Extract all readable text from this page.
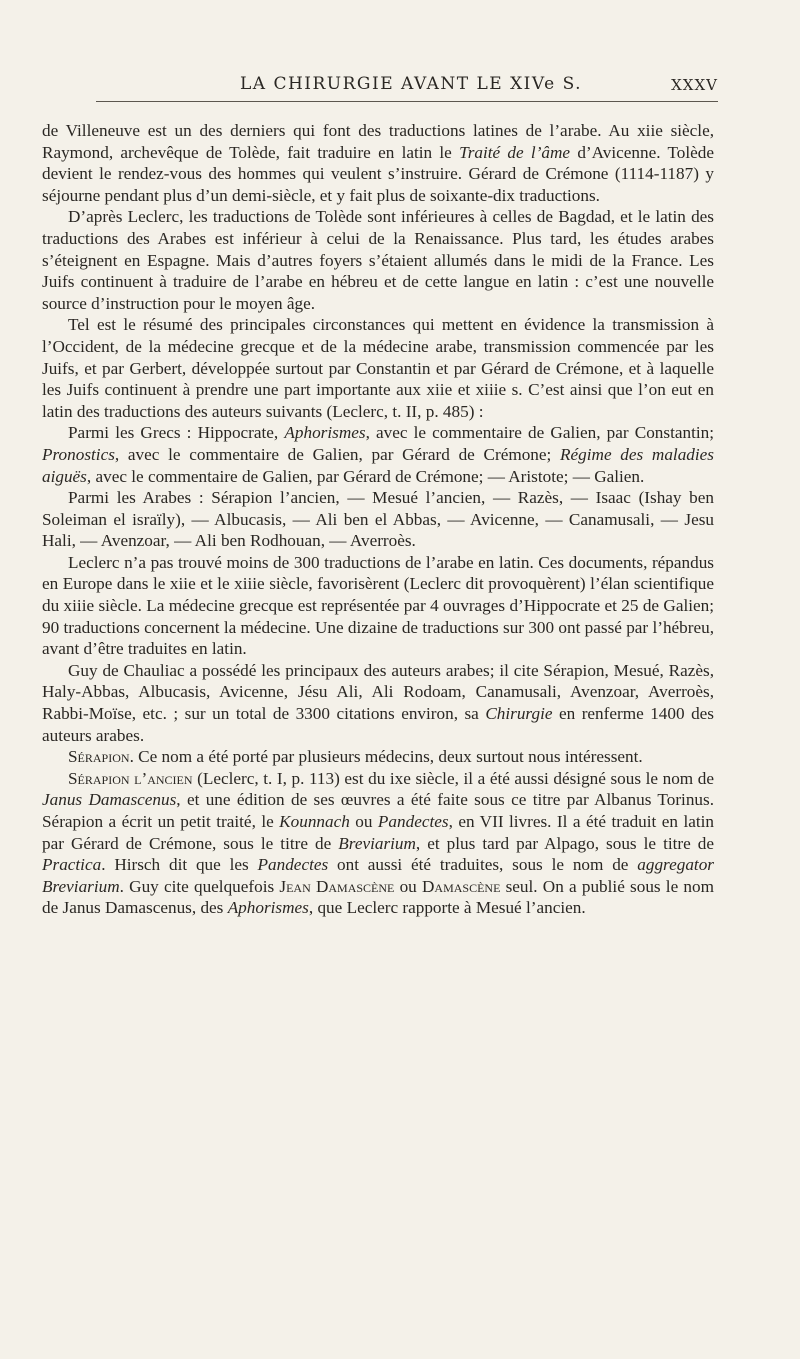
LA CHIRURGIE AVANT LE XIVe S.	XXXV

de Villeneuve est un des derniers qui font des traductions latines de l’arabe. Au xiie siècle, Raymond, archevêque de Tolède, fait traduire en latin le Traité de l’âme d’Avicenne. Tolède devient le rendez-vous des hommes qui veulent s’instruire. Gérard de Crémone (1114-1187) y séjourne pendant plus d’un demi-siècle, et y fait plus de soixante-dix traductions.

D’après Leclerc, les traductions de Tolède sont inférieures à celles de Bagdad, et le latin des traductions des Arabes est inférieur à celui de la Renaissance. Plus tard, les études arabes s’éteignent en Espagne. Mais d’autres foyers s’étaient allumés dans le midi de la France. Les Juifs continuent à traduire de l’arabe en hébreu et de cette langue en latin : c’est une nouvelle source d’instruction pour le moyen âge.

Tel est le résumé des principales circonstances qui mettent en évidence la transmission à l’Occident, de la médecine grecque et de la médecine arabe, transmission commencée par les Juifs, et par Gerbert, développée surtout par Constantin et par Gérard de Crémone, et à laquelle les Juifs continuent à prendre une part importante aux xiie et xiiie s. C’est ainsi que l’on eut en latin des traductions des auteurs suivants (Leclerc, t. II, p. 485) :

Parmi les Grecs : Hippocrate, Aphorismes, avec le commentaire de Galien, par Constantin; Pronostics, avec le commentaire de Galien, par Gérard de Crémone; Régime des maladies aiguës, avec le commentaire de Galien, par Gérard de Crémone; — Aristote; — Galien.

Parmi les Arabes : Sérapion l’ancien, — Mesué l’ancien, — Razès, — Isaac (Ishay ben Soleiman el israïly), — Albucasis, — Ali ben el Abbas, — Avicenne, — Canamusali, — Jesu Hali, — Avenzoar, — Ali ben Rodhouan, — Averroès.

Leclerc n’a pas trouvé moins de 300 traductions de l’arabe en latin. Ces documents, répandus en Europe dans le xiie et le xiiie siècle, favorisèrent (Leclerc dit provoquèrent) l’élan scientifique du xiiie siècle. La médecine grecque est représentée par 4 ouvrages d’Hippocrate et 25 de Galien; 90 traductions concernent la médecine. Une dizaine de traductions sur 300 ont passé par l’hébreu, avant d’être traduites en latin.

Guy de Chauliac a possédé les principaux des auteurs arabes; il cite Sérapion, Mesué, Razès, Haly-Abbas, Albucasis, Avicenne, Jésu Ali, Ali Rodoam, Canamusali, Avenzoar, Averroès, Rabbi-Moïse, etc. ; sur un total de 3300 citations environ, sa Chirurgie en renferme 1400 des auteurs arabes.

Sérapion. Ce nom a été porté par plusieurs médecins, deux surtout nous intéressent.

Sérapion l’ancien (Leclerc, t. I, p. 113) est du ixe siècle, il a été aussi désigné sous le nom de Janus Damascenus, et une édition de ses œuvres a été faite sous ce titre par Albanus Torinus. Sérapion a écrit un petit traité, le Kounnach ou Pandectes, en VII livres. Il a été traduit en latin par Gérard de Crémone, sous le titre de Breviarium, et plus tard par Alpago, sous le titre de Practica. Hirsch dit que les Pandectes ont aussi été traduites, sous le nom de aggregator Breviarium. Guy cite quelquefois Jean Damascène ou Damascène seul. On a publié sous le nom de Janus Damascenus, des Aphorismes, que Leclerc rapporte à Mesué l’ancien.
